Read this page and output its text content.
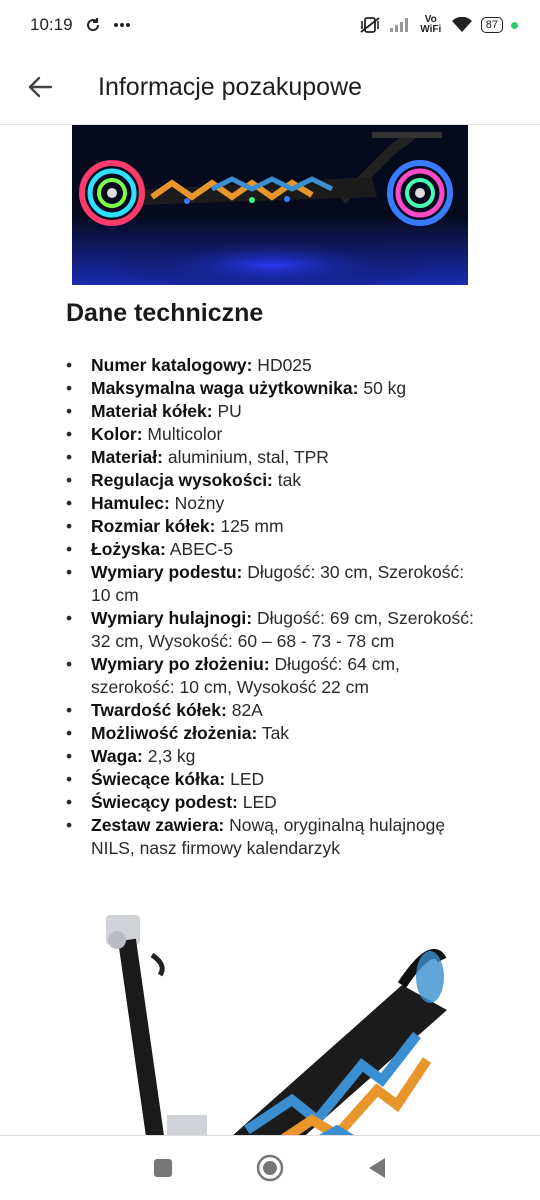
10:19	Vo WiFi	87
Informacje pozakupowe
Dane techniczne
• Numer katalogowy: HD025
• Maksymalna waga użytkownika: 50 kg
• Materiał kółek: PU
• Kolor: Multicolor
• Materiał: aluminium, stal, TPR
• Regulacja wysokości: tak
• Hamulec: Nożny
• Rozmiar kółek: 125 mm
• Łożyska: ABEC-5
• Wymiary podestu: Długość: 30 cm, Szerokość: 10 cm
• Wymiary hulajnogi: Długość: 69 cm, Szerokość: 32 cm, Wysokość: 60 – 68 - 73 - 78 cm
• Wymiary po złożeniu: Długość: 64 cm, szerokość: 10 cm, Wysokość 22 cm
• Twardość kółek: 82A
• Możliwość złożenia: Tak
• Waga: 2,3 kg
• Świecące kółka: LED
• Świecący podest: LED
• Zestaw zawiera: Nową, oryginalną hulajnogę NILS, nasz firmowy kalendarzyk
